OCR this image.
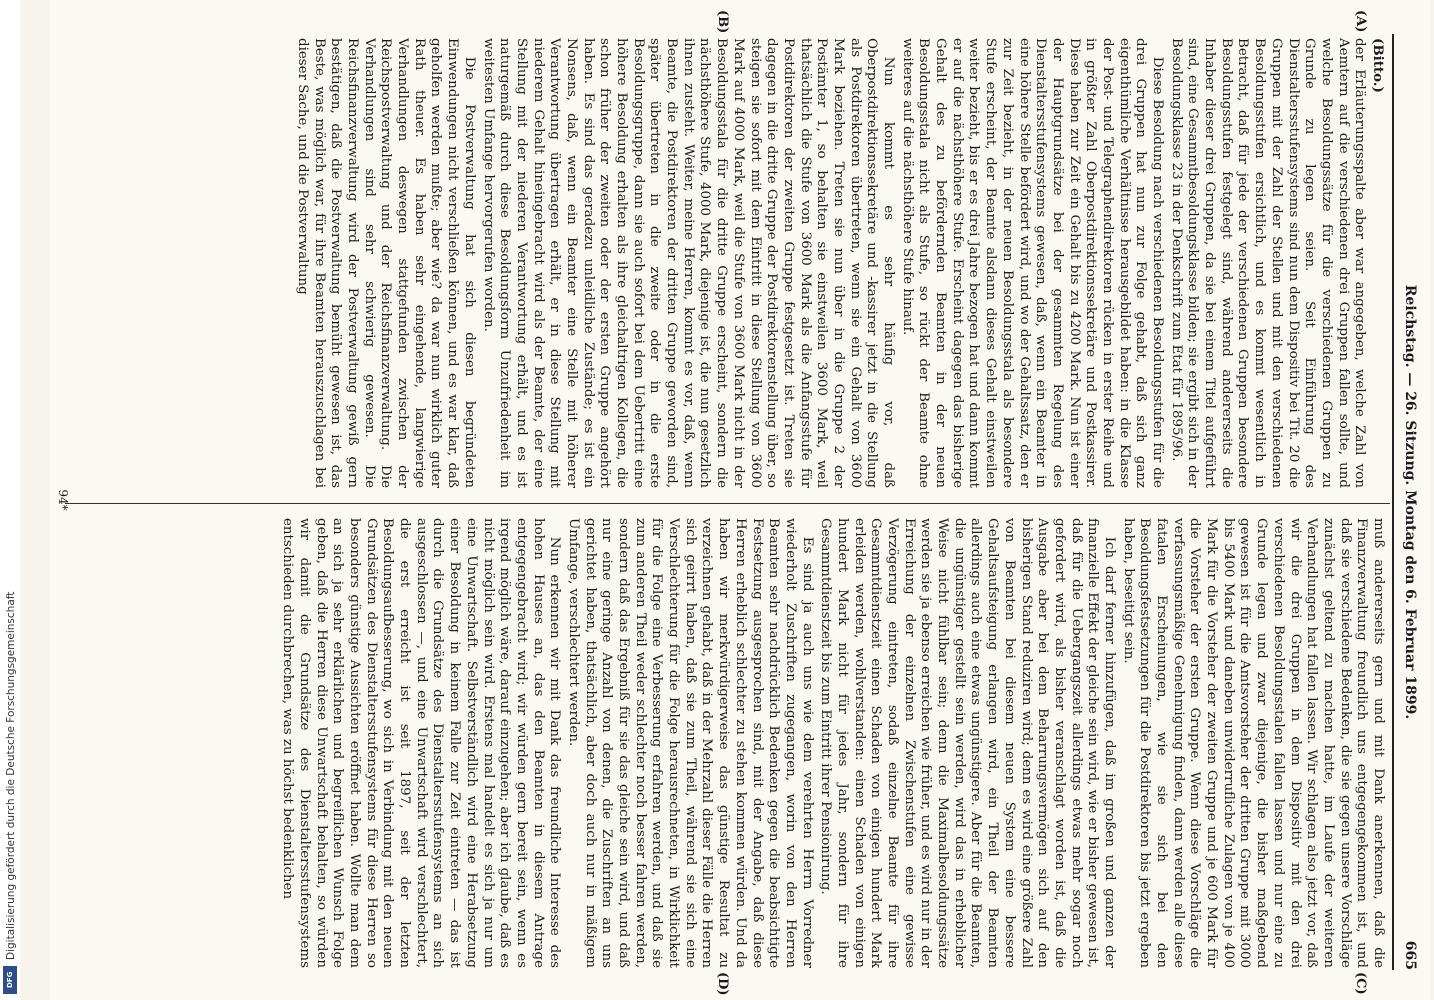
Digitalisierung gefördert durch die Deutsche Forschungsgemeinschaft
DFG
Reichstag. — 26. Sitzung. Montag den 6. Februar 1899.
665
(A)
(B)
(C)
(D)

(Bitto.)

der Erläuterungsspalte aber war angegeben, welche Zahl von Aemtern auf die verschiedenen drei Gruppen fallen sollte, und welche Besoldungssätze für die verschiedenen Gruppen zu Grunde zu legen seien. Seit Einführung des Dienstaltersstufensystems sind nun dem Dispositiv bei Tit. 20 die Gruppen mit der Zahl der Stellen und mit den verschiedenen Besoldungsstufen ersichtlich, und es kommt wesentlich in Betracht, daß für jede der verschiedenen Gruppen besondere Besoldungsstufen festgelegt sind, während andererseits die Inhaber dieser drei Gruppen, da sie bei einem Titel aufgeführt sind, eine Gesammtbesoldungsklasse bilden; sie ergibt sich in der Besoldungsklasse 23 in der Denkschrift zum Etat für 1895/96.

Diese Besoldung nach verschiedenen Besoldungsstufen für die drei Gruppen hat nun zur Folge gehabt, daß sich ganz eigenthümliche Verhältnisse herausgebildet haben: in die Klasse der Post- und Telegraphendirektoren rücken in erster Reihe und in größter Zahl Oberpostdirektionssekretäre und Postkassirer. Diese haben zur Zeit ein Gehalt bis zu 4200 Mark. Nun ist einer der Hauptgrundsätze bei der gesammten Regelung des Dienstaltersstufensystems gewesen, daß, wenn ein Beamter in eine höhere Stelle befördert wird, und wo der Gehaltssatz, den er zur Zeit bezieht, in der neuen Besoldungsstala als besondere Stufe erscheint, der Beamte alsdann dieses Gehalt einstweilen weiter bezieht, bis er es drei Jahre bezogen hat und dann kommt er auf die nächsthöhere Stufe. Erscheint dagegen das bisherige Gehalt des zu befördernden Beamten in der neuen Besoldungsstala nicht als Stufe, so rückt der Beamte ohne weiteres auf die nächsthöhere Stufe hinauf.

Nun kommt es sehr häufig vor, daß Oberpostdirektionssekretäre und -kassirer jetzt in die Stellung als Postdirektoren übertreten, wenn sie ein Gehalt von 3600 Mark beziehen. Treten sie nun über in die Gruppe 2 der Postämter 1, so behalten sie einstweilen 3600 Mark, weil thatsächlich die Stufe von 3600 Mark als die Anfangsstufe für Postdirektoren der zweiten Gruppe festgesetzt ist. Treten sie dagegen in die dritte Gruppe der Postdirektorenstellung über, so steigen sie sofort mit dem Eintritt in diese Stellung von 3600 Mark auf 4000 Mark, weil die Stufe von 3600 Mark nicht in der Besoldungsstala für die dritte Gruppe erscheint, sondern die nächsthöhere Stufe, 4000 Mark, diejenige ist, die nun gesetzlich ihnen zusteht. Weiter, meine Herren, kommt es vor, daß, wenn Beamte, die Postdirektoren der dritten Gruppe geworden sind, später übertreten in die zweite oder in die erste Besoldungsgruppe, dann sie auch sofort bei dem Uebertritt eine höhere Besoldung erhalten als ihre gleichaltrigen Kollegen, die schon früher der zweiten oder der ersten Gruppe angehört haben. Es sind das geradezu unleidliche Zustände; es ist ein Nonsens, daß, wenn ein Beamter eine Stelle mit höherer Verantwortung übertragen erhält, er in diese Stellung mit niederem Gehalt hineingebracht wird als der Beamte, der eine Stellung mit der niederen Verantwortung erhält, und es ist naturgemäß durch diese Besoldungsform Unzufriedenheit im weitesten Umfange hervorgerufen worden.

Die Postverwaltung hat sich diesen begründeten Einwendungen nicht verschließen können, und es war klar, daß geholfen werden mußte; aber wie? da war nun wirklich guter Rath theuer. Es haben sehr eingehende, langwierige Verhandlungen deswegen stattgefunden zwischen der Reichspostverwaltung und der Reichsfinanzverwaltung. Die Verhandlungen sind sehr schwierig gewesen. Die Reichsfinanzverwaltung wird der Postverwaltung gewiß gern bestätigen, daß die Postverwaltung bemüht gewesen ist, das Beste, was möglich war, für ihre Beamten herauszuschlagen bei dieser Sache, und die Postverwaltung

muß andererseits gern und mit Dank anerkennen, daß die Finanzverwaltung freundlich uns entgegengekommen ist, und daß sie verschiedene Bedenken, die sie gegen unsere Vorschläge zunächst geltend zu machen hatte, im Laufe der weiteren Verhandlungen hat fallen lassen. Wir schlagen also jetzt vor, daß wir die drei Gruppen in dem Dispositiv mit den drei verschiedenen Besoldungsstalen fallen lassen und nur eine zu Grunde legen und zwar diejenige, die bisher maßgebend gewesen ist für die Amtsvorsteher der dritten Gruppe mit 3000 bis 5400 Mark und daneben unwiderrufliche Zulagen von je 400 Mark für die Vorsteher der zweiten Gruppe und je 600 Mark für die Vorsteher der ersten Gruppe. Wenn diese Vorschläge die verfassungsmäßige Genehmigung finden, dann werden alle diese fatalen Erscheinungen, wie sie sich bei den Besoldungsfestsetzungen für die Postdirektoren bis jetzt ergeben haben, beseitigt sein.

Ich darf ferner hinzufügen, daß im großen und ganzen der finanzielle Effekt der gleiche sein wird, wie er bisher gewesen ist, daß für die Uebergangszeit allerdings etwas mehr sogar noch gefordert wird, als bisher veranschlagt worden ist, daß die Ausgabe aber bei dem Beharrungsvermögen sich auf den bisherigen Stand reduziren wird; denn es wird eine größere Zahl von Beamten bei diesem neuen System eine bessere Gehaltsaufsteigung erlangen wird, ein Theil der Beamten allerdings auch eine etwas ungünstigere. Aber für die Beamten, die ungünstiger gestellt sein werden, wird das in erheblicher Weise nicht fühlbar sein; denn die Maximalbesoldungssätze werden sie ja ebenso erreichen wie früher, und es wird nur in der Erreichung der einzelnen Zwischenstufen eine gewisse Verzögerung eintreten, sodaß einzelne Beamte für ihre Gesammtdienstzeit einen Schaden von einigen hundert Mark erleiden werden, wohlverstanden: einen Schaden von einigen hundert Mark nicht für jedes Jahr, sondern für ihre Gesammtdienstzeit bis zum Eintritt ihrer Pensionirung.

Es sind ja auch uns wie dem verehrten Herrn Vorredner wiederholt Zuschriften zugegangen, worin von den Herren Beamten sehr nachdrücklich Bedenken gegen die beabsichtigte Festsetzung ausgesprochen sind, mit der Angabe, daß diese Herren erheblich schlechter zu stehen kommen würden. Und da haben wir merkwürdigerweise das günstige Resultat zu verzeichnen gehabt, daß in der Mehrzahl dieser Fälle die Herren sich geirrt haben, daß sie zum Theil, während sie sich eine Verschlechterung für die Folge herausrechneten, in Wirklichkeit für die Folge eine Verbesserung erfahren werden, und daß sie zum anderen Theil weder schlechter noch besser fahren werden, sondern daß das Ergebniß für sie das gleiche sein wird, und daß nur eine geringe Anzahl von denen, die Zuschriften an uns gerichtet haben, thatsächlich, aber doch auch nur in mäßigem Umfange, verschlechtert werden.

Nun erkennen wir mit Dank das freundliche Interesse des hohen Hauses an, das den Beamten in diesem Antrage entgegengebracht wird; wir würden gern bereit sein, wenn es irgend möglich wäre, darauf einzugehen; aber ich glaube, daß es nicht möglich sein wird. Erstens mal handelt es sich ja nur um eine Unwartschaft. Selbstverständlich wird eine Herabsetzung einer Besoldung in keinem Falle zur Zeit eintreten — das ist durch die Grundsätze des Dienstaltersstufensystems an sich ausgeschlossen —, und eine Unwartschaft wird verschlechtert, die erst erreicht ist seit 1897, seit der letzten Besoldungsaufbesserung, wo sich in Verbindung mit den neuen Grundsätzen des Dienstaltersstufensystems für diese Herren so besonders günstige Aussichten eröffnet haben. Wollte man dem an sich ja sehr erklärlichen und begreiflichen Wunsch Folge geben, daß die Herren diese Unwartschaft behalten, so würden wir damit die Grundsätze des Dienstaltersstufensystems entschieden durchbrechen, was zu höchst bedenklichen

94*
